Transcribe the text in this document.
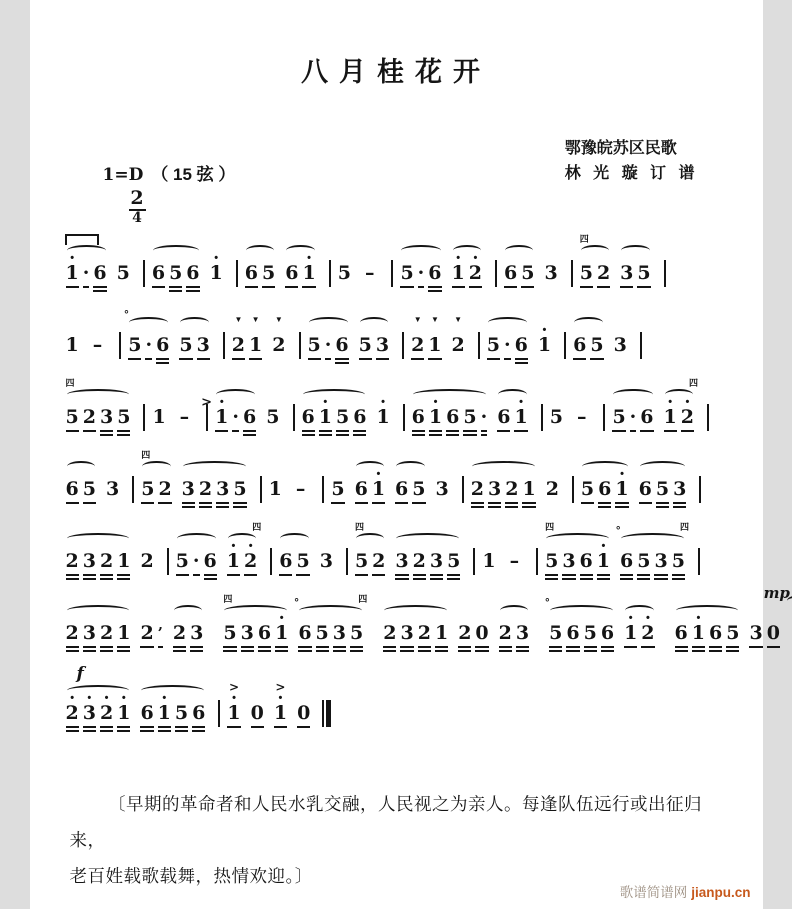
八月桂花开
鄂豫皖苏区民歌
林 光 璇 订 谱
1=D （ 15 弦 ）
2
4
•
1 · 6 5 6 5 6
•
1 6 5 6
•
1 5 – 5 · 6
•
1
•
2 6 5 3
四
5 2 3 5
1 –
°
5 · 6 5 3
▼
2
▼
1
▼
2 5 · 6 5 3
▼
2
▼
1
▼
2 5 · 6
•
1 6 5 3
四
5 2 3 5 1 –
> •
1 · 6 5 6
•
1 5 6
•
1 6
•
1 6 5 · 6
•
1 5 – 5 · 6
四
•
1
•
2
6 5 3
四
5 2 3 2 3 5 1 – 5 6
•
1 6 5 3 2 3 2 1 2 5 6
•
1 6 5 3
2 3 2 1 2 5 · 6
四
•
1
•
2 6 5 3
四
5 2 3 2 3 5 1 –
四
5 3 6
•
1
四
°
6 5 3 5
2 3 2 1 2 ’ 2 3
四
5 3 6
•
1
四
°
6 5 3 5 2 3 2 1 2 0 2 3
°
5 6 5 6
•
1
•
2 6
•
1 6 5
mp
3 0
f
•
2
•
3
•
2
•
1 6
•
1 5 6
>
•
1 0
>
•
1 0
〔早期的革命者和人民水乳交融，人民视之为亲人。每逢队伍远行或出征归来，
老百姓载歌载舞，热情欢迎。〕
歌谱简谱网 jianpu.cn
